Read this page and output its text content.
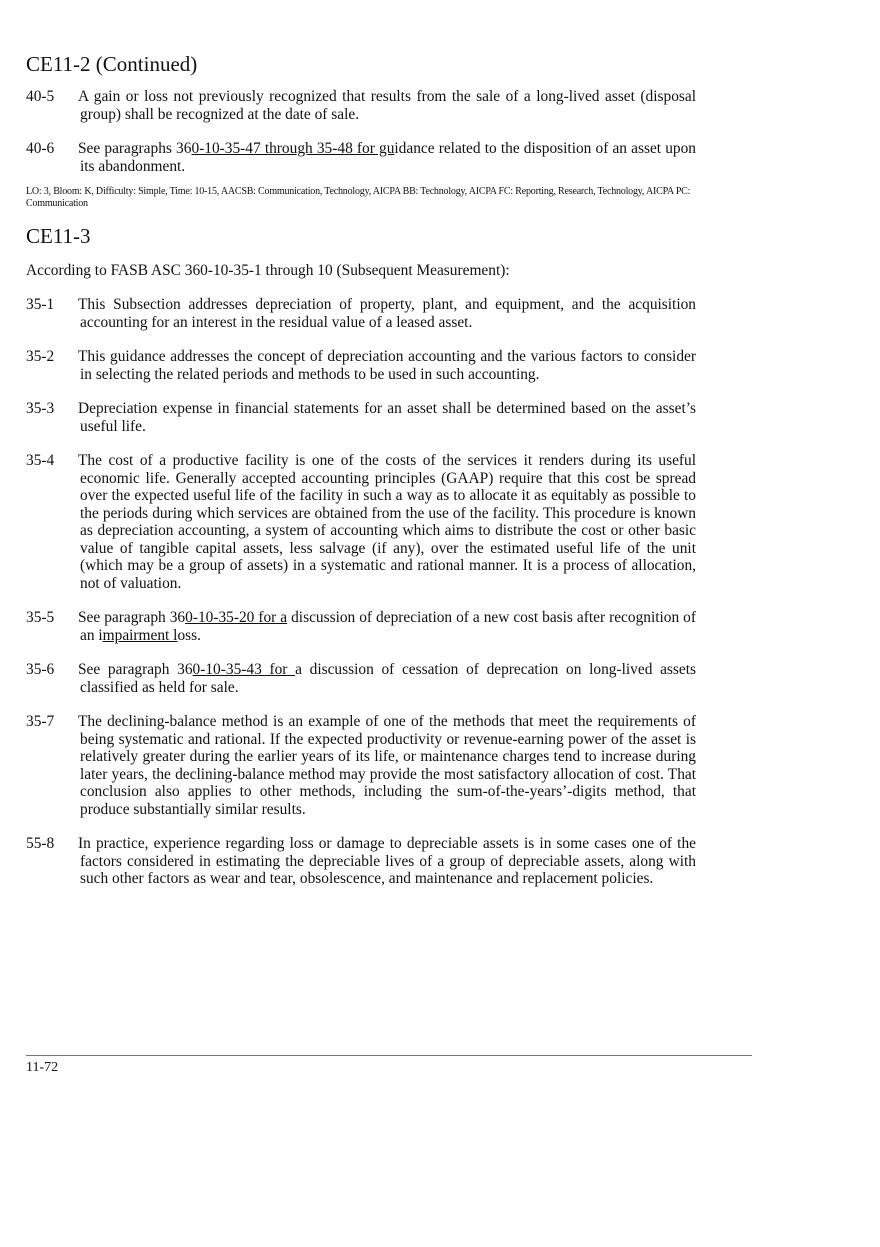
CE11-2 (Continued)

40-5	A gain or loss not previously recognized that results from the sale of a long-lived asset (disposal group) shall be recognized at the date of sale.

40-6	See paragraphs 360-10-35-47 through 35-48 for guidance related to the disposition of an asset upon its abandonment.

LO: 3, Bloom: K, Difficulty: Simple, Time: 10-15, AACSB: Communication, Technology, AICPA BB: Technology, AICPA FC: Reporting, Research, Technology, AICPA PC: Communication

CE11-3

According to FASB ASC 360-10-35-1 through 10 (Subsequent Measurement):

35-1	This Subsection addresses depreciation of property, plant, and equipment, and the acquisition accounting for an interest in the residual value of a leased asset.

35-2	This guidance addresses the concept of depreciation accounting and the various factors to consider in selecting the related periods and methods to be used in such accounting.

35-3	Depreciation expense in financial statements for an asset shall be determined based on the asset’s useful life.

35-4	The cost of a productive facility is one of the costs of the services it renders during its useful economic life. Generally accepted accounting principles (GAAP) require that this cost be spread over the expected useful life of the facility in such a way as to allocate it as equitably as possible to the periods during which services are obtained from the use of the facility. This procedure is known as depreciation accounting, a system of accounting which aims to distribute the cost or other basic value of tangible capital assets, less salvage (if any), over the estimated useful life of the unit (which may be a group of assets) in a systematic and rational manner. It is a process of allocation, not of valuation.

35-5	See paragraph 360-10-35-20 for a discussion of depreciation of a new cost basis after recognition of an impairment loss.

35-6	See paragraph 360-10-35-43 for a discussion of cessation of deprecation on long-lived assets classified as held for sale.

35-7	The declining-balance method is an example of one of the methods that meet the requirements of being systematic and rational. If the expected productivity or revenue-earning power of the asset is relatively greater during the earlier years of its life, or maintenance charges tend to increase during later years, the declining-balance method may provide the most satisfactory allocation of cost. That conclusion also applies to other methods, including the sum-of-the-years’-digits method, that produce substantially similar results.

55-8	In practice, experience regarding loss or damage to depreciable assets is in some cases one of the factors considered in estimating the depreciable lives of a group of depreciable assets, along with such other factors as wear and tear, obsolescence, and maintenance and replacement policies.

11-72
